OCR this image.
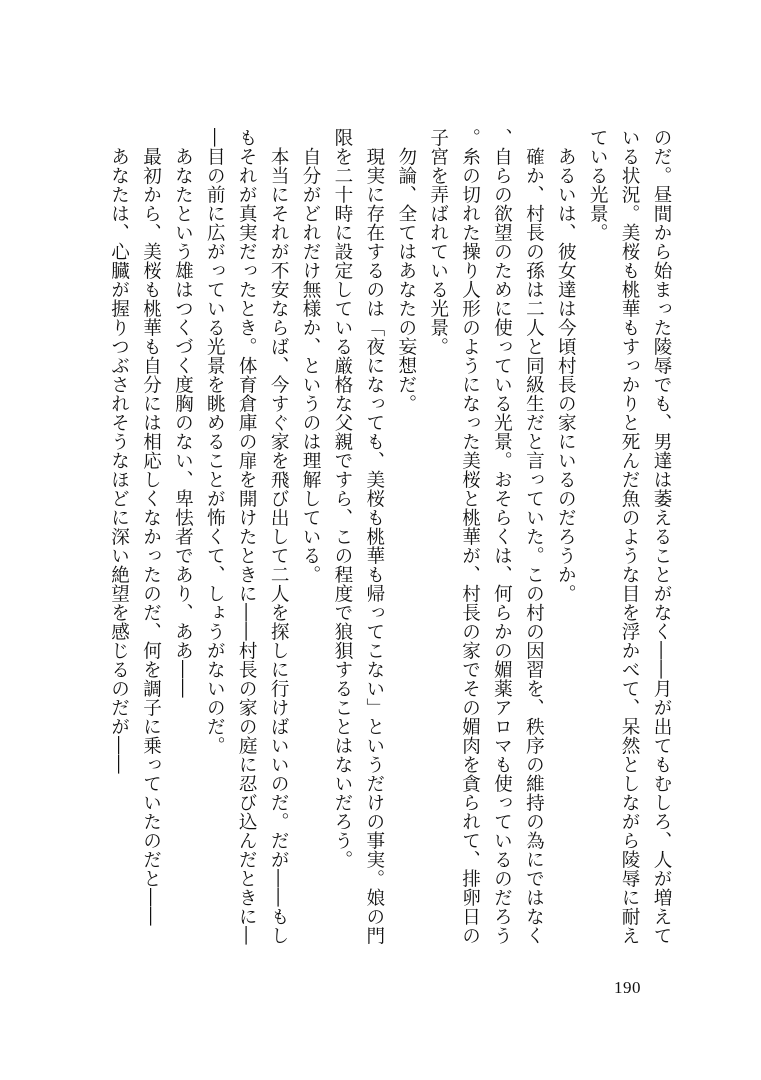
のだ。昼間から始まった陵辱でも、男達は萎えることがなく――月が出てもむしろ、人が増えている状況。美桜も桃華もすっかりと死んだ魚のような目を浮かべて、呆然としながら陵辱に耐えている光景。

あるいは、彼女達は今頃村長の家にいるのだろうか。

確か、村長の孫は二人と同級生だと言っていた。この村の因習を、秩序の維持の為にではなく、自らの欲望のために使っている光景。おそらくは、何らかの媚薬アロマも使っているのだろう。糸の切れた操り人形のようになった美桜と桃華が、村長の家でその媚肉を貪られて、排卵日の子宮を弄ばれている光景。

勿論、全てはあなたの妄想だ。

現実に存在するのは「夜になっても、美桜も桃華も帰ってこない」というだけの事実。娘の門限を二十時に設定している厳格な父親ですら、この程度で狼狽することはないだろう。

自分がどれだけ無様か、というのは理解している。

本当にそれが不安ならば、今すぐ家を飛び出して二人を探しに行けばいいのだ。だが――もしもそれが真実だったとき。体育倉庫の扉を開けたときに――村長の家の庭に忍び込んだときに――目の前に広がっている光景を眺めることが怖くて、しょうがないのだ。

あなたという雄はつくづく度胸のない、卑怯者であり、ああ――

最初から、美桜も桃華も自分には相応しくなかったのだ、何を調子に乗っていたのだと――

あなたは、心臓が握りつぶされそうなほどに深い絶望を感じるのだが――

190
